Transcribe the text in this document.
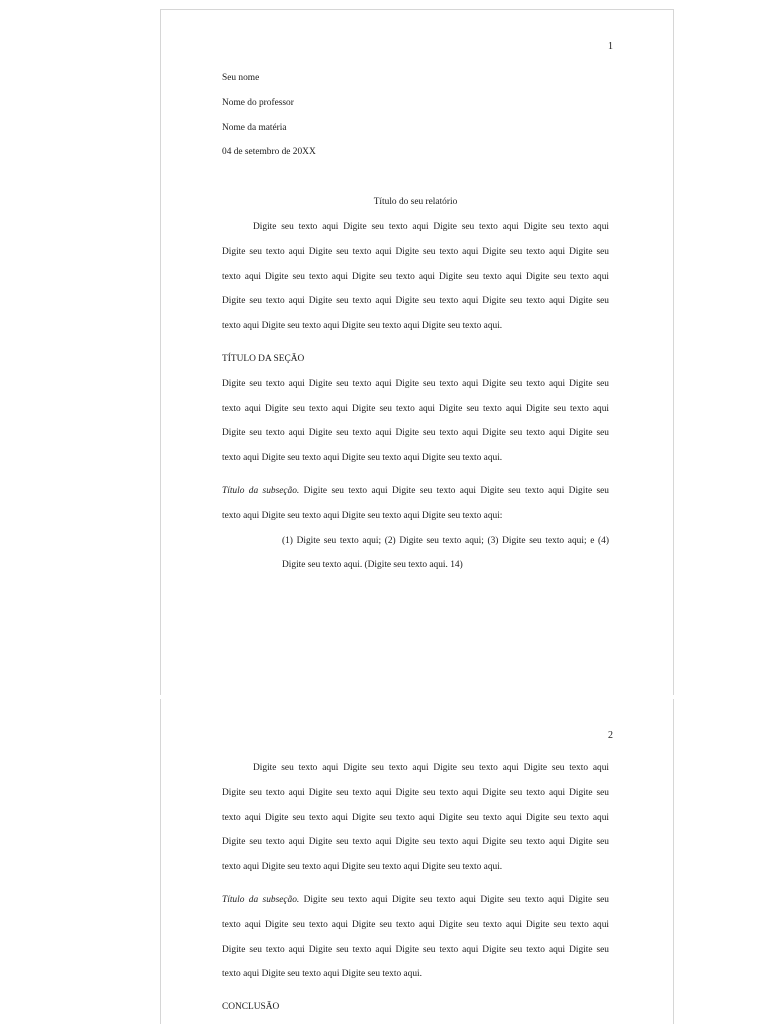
1
Seu nome
Nome do professor
Nome da matéria
04 de setembro de 20XX
Título do seu relatório
Digite seu texto aqui Digite seu texto aqui Digite seu texto aqui Digite seu texto aqui
Digite seu texto aqui Digite seu texto aqui Digite seu texto aqui Digite seu texto aqui Digite seu
texto aqui Digite seu texto aqui Digite seu texto aqui Digite seu texto aqui Digite seu texto aqui
Digite seu texto aqui Digite seu texto aqui Digite seu texto aqui Digite seu texto aqui Digite seu
texto aqui Digite seu texto aqui Digite seu texto aqui Digite seu texto aqui.
TÍTULO DA SEÇÃO
Digite seu texto aqui Digite seu texto aqui Digite seu texto aqui Digite seu texto aqui Digite seu
texto aqui Digite seu texto aqui Digite seu texto aqui Digite seu texto aqui Digite seu texto aqui
Digite seu texto aqui Digite seu texto aqui Digite seu texto aqui Digite seu texto aqui Digite seu
texto aqui Digite seu texto aqui Digite seu texto aqui Digite seu texto aqui.
Título da subseção. Digite seu texto aqui Digite seu texto aqui Digite seu texto aqui Digite seu
texto aqui Digite seu texto aqui Digite seu texto aqui Digite seu texto aqui:
(1) Digite seu texto aqui; (2) Digite seu texto aqui; (3) Digite seu texto aqui; e (4)
Digite seu texto aqui. (Digite seu texto aqui. 14)
2
Digite seu texto aqui Digite seu texto aqui Digite seu texto aqui Digite seu texto aqui
Digite seu texto aqui Digite seu texto aqui Digite seu texto aqui Digite seu texto aqui Digite seu
texto aqui Digite seu texto aqui Digite seu texto aqui Digite seu texto aqui Digite seu texto aqui
Digite seu texto aqui Digite seu texto aqui Digite seu texto aqui Digite seu texto aqui Digite seu
texto aqui Digite seu texto aqui Digite seu texto aqui Digite seu texto aqui.
Título da subseção. Digite seu texto aqui Digite seu texto aqui Digite seu texto aqui Digite seu
texto aqui Digite seu texto aqui Digite seu texto aqui Digite seu texto aqui Digite seu texto aqui
Digite seu texto aqui Digite seu texto aqui Digite seu texto aqui Digite seu texto aqui Digite seu
texto aqui Digite seu texto aqui Digite seu texto aqui.
CONCLUSÃO
